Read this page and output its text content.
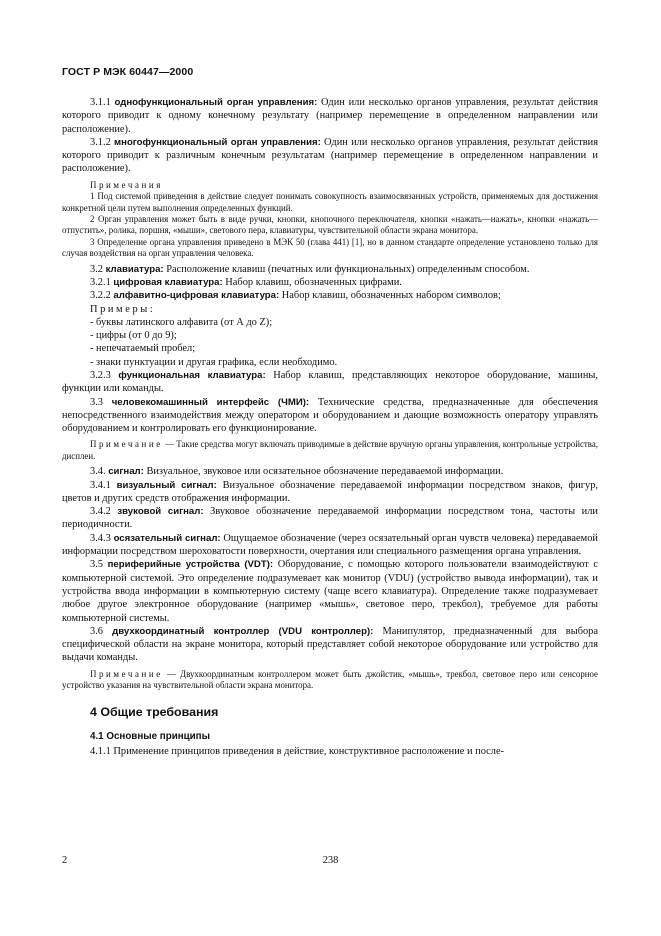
ГОСТ Р МЭК 60447—2000

3.1.1 однофункциональный орган управления: Один или несколько органов управления, результат действия которого приводит к одному конечному результату (например перемещение в определенном направлении или расположение).

3.1.2 многофункциональный орган управления: Один или несколько органов управления, результат действия которого приводит к различным конечным результатам (например перемещение в определенном направлении и расположение).

Примечания

1 Под системой приведения в действие следует понимать совокупность взаимосвязанных устройств, применяемых для достижения конкретной цели путем выполнения определенных функций.

2 Орган управления может быть в виде ручки, кнопки, кнопочного переключателя, кнопки «нажать—нажать», кнопки «нажать—отпустить», ролика, поршня, «мыши», светового пера, клавиатуры, чувствительной области экрана монитора.

3 Определение органа управления приведено в МЭК 50 (глава 441) [1], но в данном стандарте определение установлено только для случая воздействия на орган управления человека.

3.2 клавиатура: Расположение клавиш (печатных или функциональных) определенным способом.

3.2.1 цифровая клавиатура: Набор клавиш, обозначенных цифрами.

3.2.2 алфавитно-цифровая клавиатура: Набор клавиш, обозначенных набором символов;

Примеры:

- буквы латинского алфавита (от А до Z);

- цифры (от 0 до 9);

- непечатаемый пробел;

- знаки пунктуации и другая графика, если необходимо.

3.2.3 функциональная клавиатура: Набор клавиш, представляющих некоторое оборудование, машины, функции или команды.

3.3 человекомашинный интерфейс (ЧМИ): Технические средства, предназначенные для обеспечения непосредственного взаимодействия между оператором и оборудованием и дающие возможность оператору управлять оборудованием и контролировать его функционирование.

Примечание — Такие средства могут включать приводимые в действие вручную органы управления, контрольные устройства, дисплеи.

3.4. сигнал: Визуальное, звуковое или осязательное обозначение передаваемой информации.

3.4.1 визуальный сигнал: Визуальное обозначение передаваемой информации посредством знаков, фигур, цветов и других средств отображения информации.

3.4.2 звуковой сигнал: Звуковое обозначение передаваемой информации посредством тона, частоты или периодичности.

3.4.3 осязательный сигнал: Ощущаемое обозначение (через осязательный орган чувств человека) передаваемой информации посредством шероховатости поверхности, очертания или специального размещения органа управления.

3.5 периферийные устройства (VDT): Оборудование, с помощью которого пользователи взаимодействуют с компьютерной системой. Это определение подразумевает как монитор (VDU) (устройство вывода информации), так и устройства ввода информации в компьютерную систему (чаще всего клавиатура). Определение также подразумевает любое другое электронное оборудование (например «мышь», световое перо, трекбол), требуемое для работы компьютерной системы.

3.6 двухкоординатный контроллер (VDU контроллер): Манипулятор, предназначенный для выбора специфической области на экране монитора, который представляет собой некоторое оборудование или устройство для выдачи команды.

Примечание — Двухкоординатным контроллером может быть джойстик, «мышь», трекбол, световое перо или сенсорное устройство указания на чувствительной области экрана монитора.

4 Общие требования
4.1 Основные принципы

4.1.1 Применение принципов приведения в действие, конструктивное расположение и после-

2	238
